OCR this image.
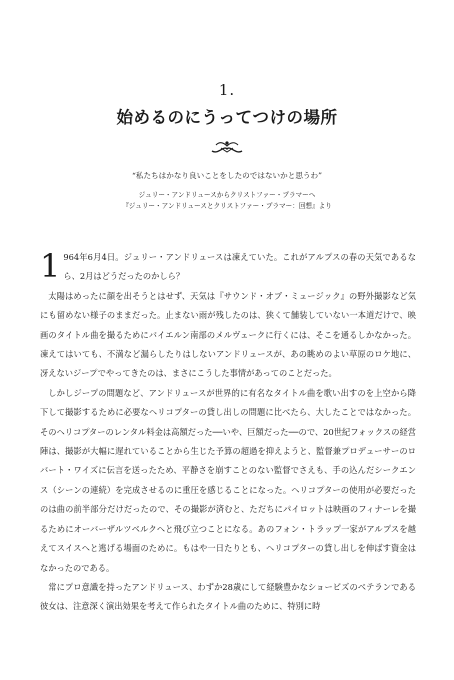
1.
始めるのにうってつけの場所
“私たちはかなり良いことをしたのではないかと思うわ”
ジュリー・アンドリュースからクリストファー・プラマーへ
『ジュリー・アンドリュースとクリストファー・プラマー：回想』より

1 964年6月4日。ジュリー・アンドリュースは凍えていた。これがアルプスの春の天気であるなら、2月はどうだったのかしら？

太陽はめったに顔を出そうとはせず、天気は『サウンド・オブ・ミュージック』の野外撮影など気にも留めない様子のままだった。止まない雨が残したのは、狭くて舗装していない一本道だけで、映画のタイトル曲を撮るためにバイエルン南部のメルヴェークに行くには、そこを通るしかなかった。凍えてはいても、不満など漏らしたりはしないアンドリュースが、あの眺めのよい草原のロケ地に、冴えないジープでやってきたのは、まさにこうした事情があってのことだった。

しかしジープの問題など、アンドリュースが世界的に有名なタイトル曲を歌い出すのを上空から降下して撮影するために必要なヘリコプターの貸し出しの問題に比べたら、大したことではなかった。そのヘリコプターのレンタル料金は高額だった──いや、巨額だった──ので、20世紀フォックスの経営陣は、撮影が大幅に遅れていることから生じた予算の超過を抑えようと、監督兼プロデューサーのロバート・ワイズに伝言を送ったため、平静さを崩すことのない監督でさえも、手の込んだシークエンス（シーンの連続）を完成させるのに重圧を感じることになった。ヘリコプターの使用が必要だったのは曲の前半部分だけだったので、その撮影が済むと、ただちにパイロットは映画のフィナーレを撮るためにオーバーザルツベルクへと飛び立つことになる。あのフォン・トラップ一家がアルプスを越えてスイスへと逃げる場面のために。もはや一日たりとも、ヘリコプターの貸し出しを伸ばす資金はなかったのである。

常にプロ意識を持ったアンドリュース、わずか28歳にして経験豊かなショービズのベテランである彼女は、注意深く演出効果を考えて作られたタイトル曲のために、特別に時
